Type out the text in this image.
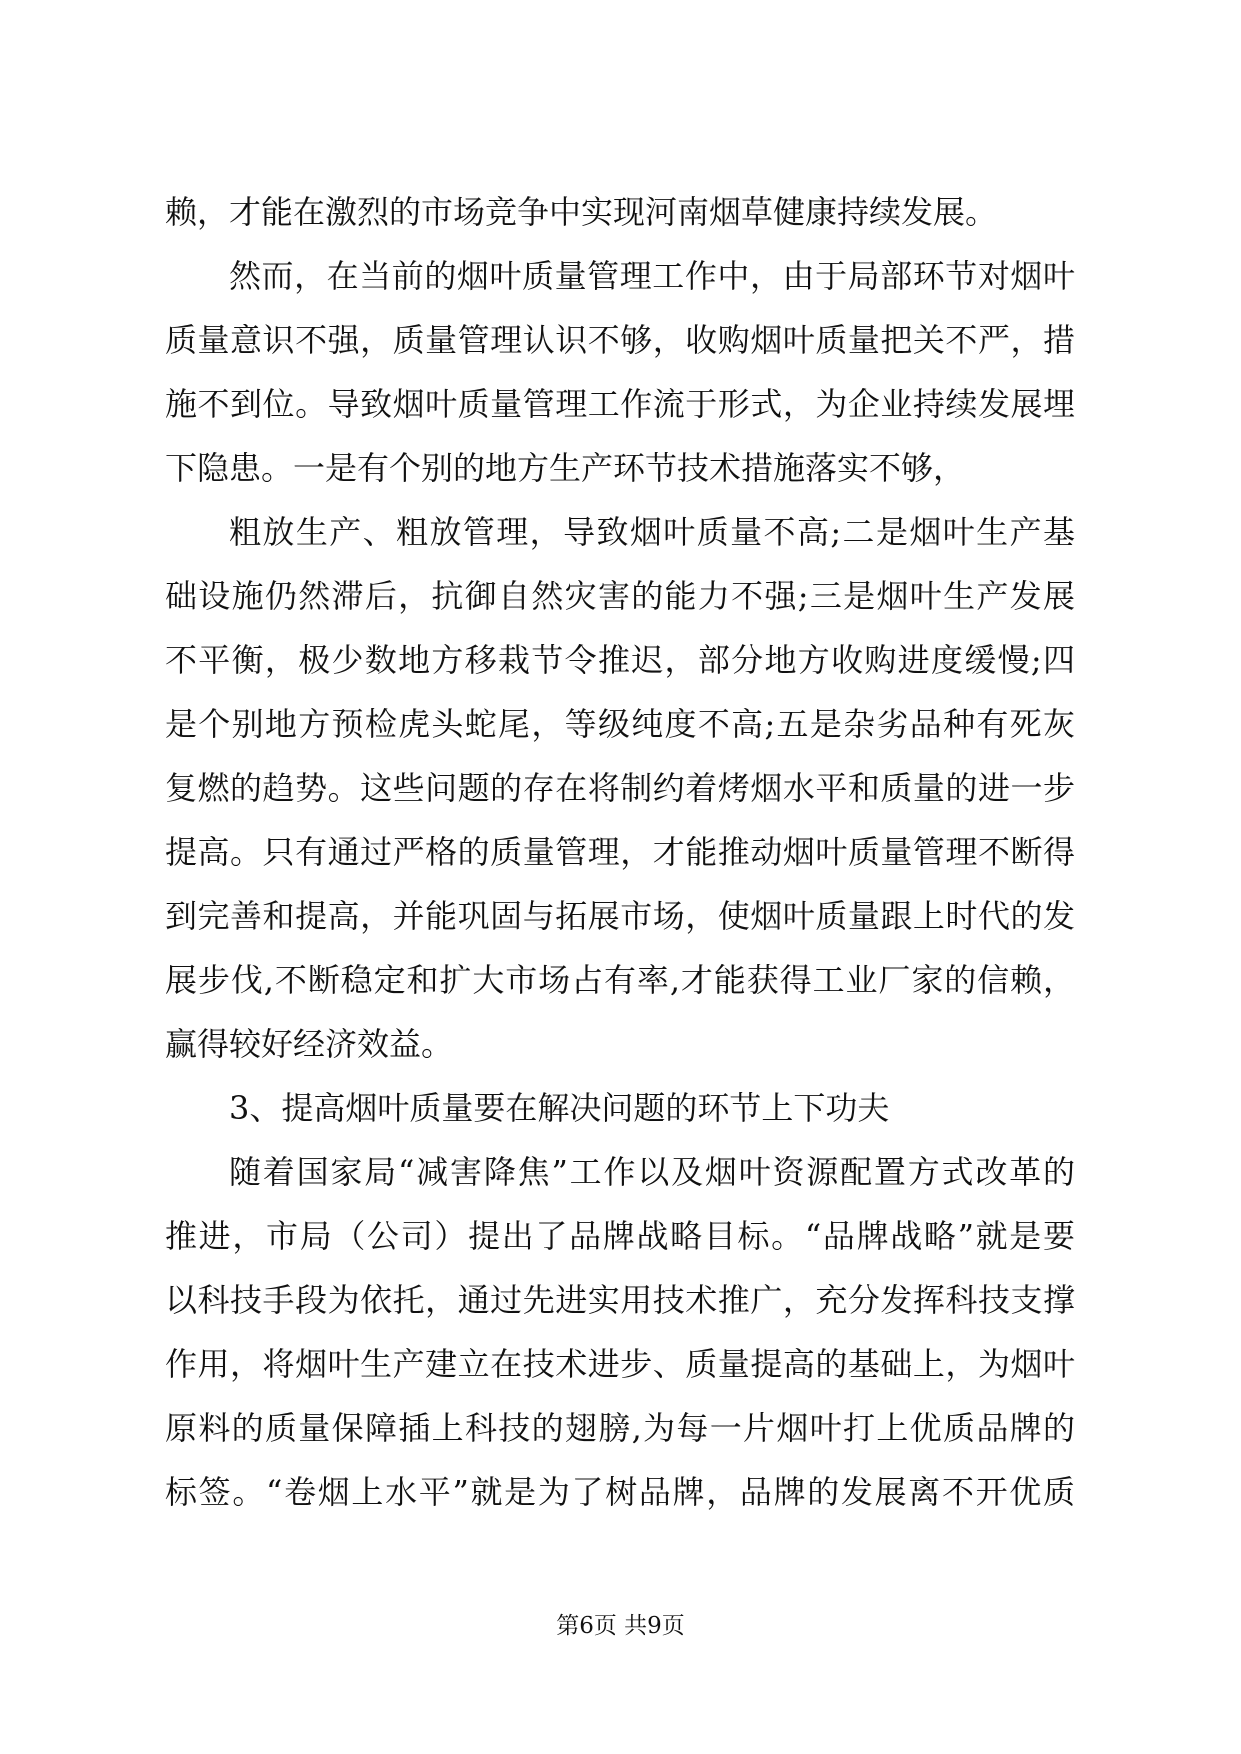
赖，才能在激烈的市场竞争中实现河南烟草健康持续发展。
然而，在当前的烟叶质量管理工作中，由于局部环节对烟叶
质量意识不强，质量管理认识不够，收购烟叶质量把关不严，措
施不到位。导致烟叶质量管理工作流于形式，为企业持续发展埋
下隐患。一是有个别的地方生产环节技术措施落实不够，
粗放生产、粗放管理，导致烟叶质量不高;二是烟叶生产基
础设施仍然滞后，抗御自然灾害的能力不强;三是烟叶生产发展
不平衡，极少数地方移栽节令推迟，部分地方收购进度缓慢;四
是个别地方预检虎头蛇尾，等级纯度不高;五是杂劣品种有死灰
复燃的趋势。这些问题的存在将制约着烤烟水平和质量的进一步
提高。只有通过严格的质量管理，才能推动烟叶质量管理不断得
到完善和提高，并能巩固与拓展市场，使烟叶质量跟上时代的发
展步伐,不断稳定和扩大市场占有率,才能获得工业厂家的信赖，
赢得较好经济效益。
3、提高烟叶质量要在解决问题的环节上下功夫
随着国家局“减害降焦”工作以及烟叶资源配置方式改革的
推进，市局（公司）提出了品牌战略目标。“品牌战略”就是要
以科技手段为依托，通过先进实用技术推广，充分发挥科技支撑
作用，将烟叶生产建立在技术进步、质量提高的基础上，为烟叶
原料的质量保障插上科技的翅膀,为每一片烟叶打上优质品牌的
标签。“卷烟上水平”就是为了树品牌，品牌的发展离不开优质
第6页 共9页
